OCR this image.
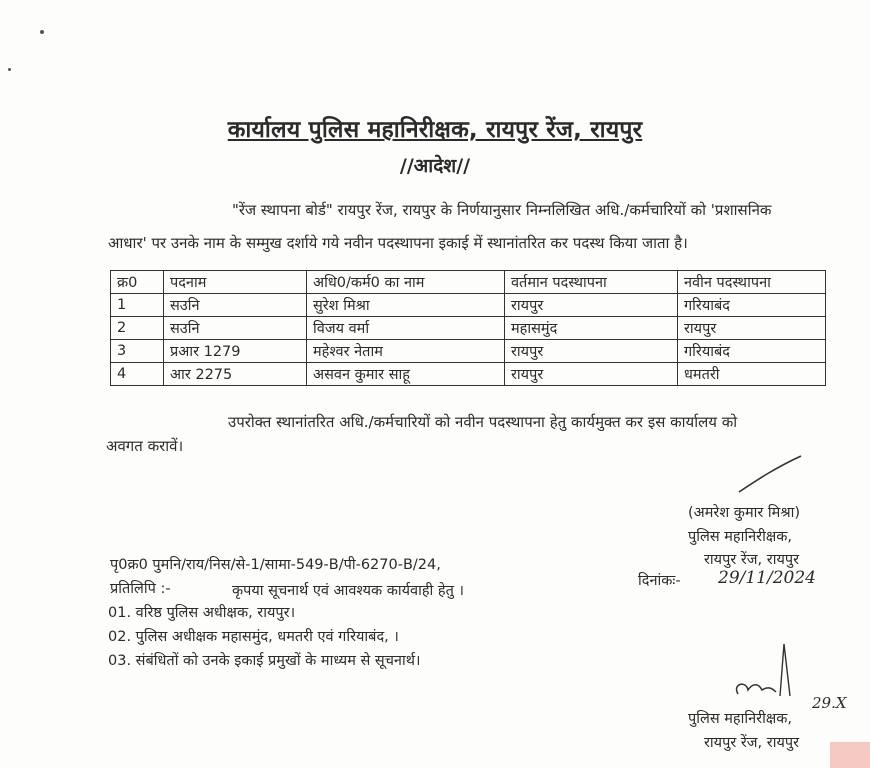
कार्यालय पुलिस महानिरीक्षक, रायपुर रेंज, रायपुर
//आदेश//
"रेंज स्थापना बोर्ड" रायपुर रेंज, रायपुर के निर्णयानुसार निम्नलिखित अधि./कर्मचारियों को 'प्रशासनिक
आधार' पर उनके नाम के सम्मुख दर्शाये गये नवीन पदस्थापना इकाई में स्थानांतरित कर पदस्थ किया जाता है।
क्र0	पदनाम	अधि0/कर्म0 का नाम	वर्तमान पदस्थापना	नवीन पदस्थापना
1	सउनि	सुरेश मिश्रा	रायपुर	गरियाबंद
2	सउनि	विजय वर्मा	महासमुंद	रायपुर
3	प्रआर 1279	महेश्वर नेताम	रायपुर	गरियाबंद
4	आर 2275	असवन कुमार साहू	रायपुर	धमतरी
उपरोक्त स्थानांतरित अधि./कर्मचारियों को नवीन पदस्थापना हेतु कार्यमुक्त कर इस कार्यालय को
अवगत करावें।
(अमरेश कुमार मिश्रा)
पुलिस महानिरीक्षक,
रायपुर रेंज, रायपुर
पृ0क्र0 पुमनि/राय/निस/से-1/सामा-549-B/पी-6270-B/24,
दिनांकः- 29/11/2024
प्रतिलिपि :-	कृपया सूचनार्थ एवं आवश्यक कार्यवाही हेतु ।
01. वरिष्ठ पुलिस अधीक्षक, रायपुर।
02. पुलिस अधीक्षक महासमुंद, धमतरी एवं गरियाबंद, ।
03. संबंधितों को उनके इकाई प्रमुखों के माध्यम से सूचनार्थ।
29.X
पुलिस महानिरीक्षक,
रायपुर रेंज, रायपुर
